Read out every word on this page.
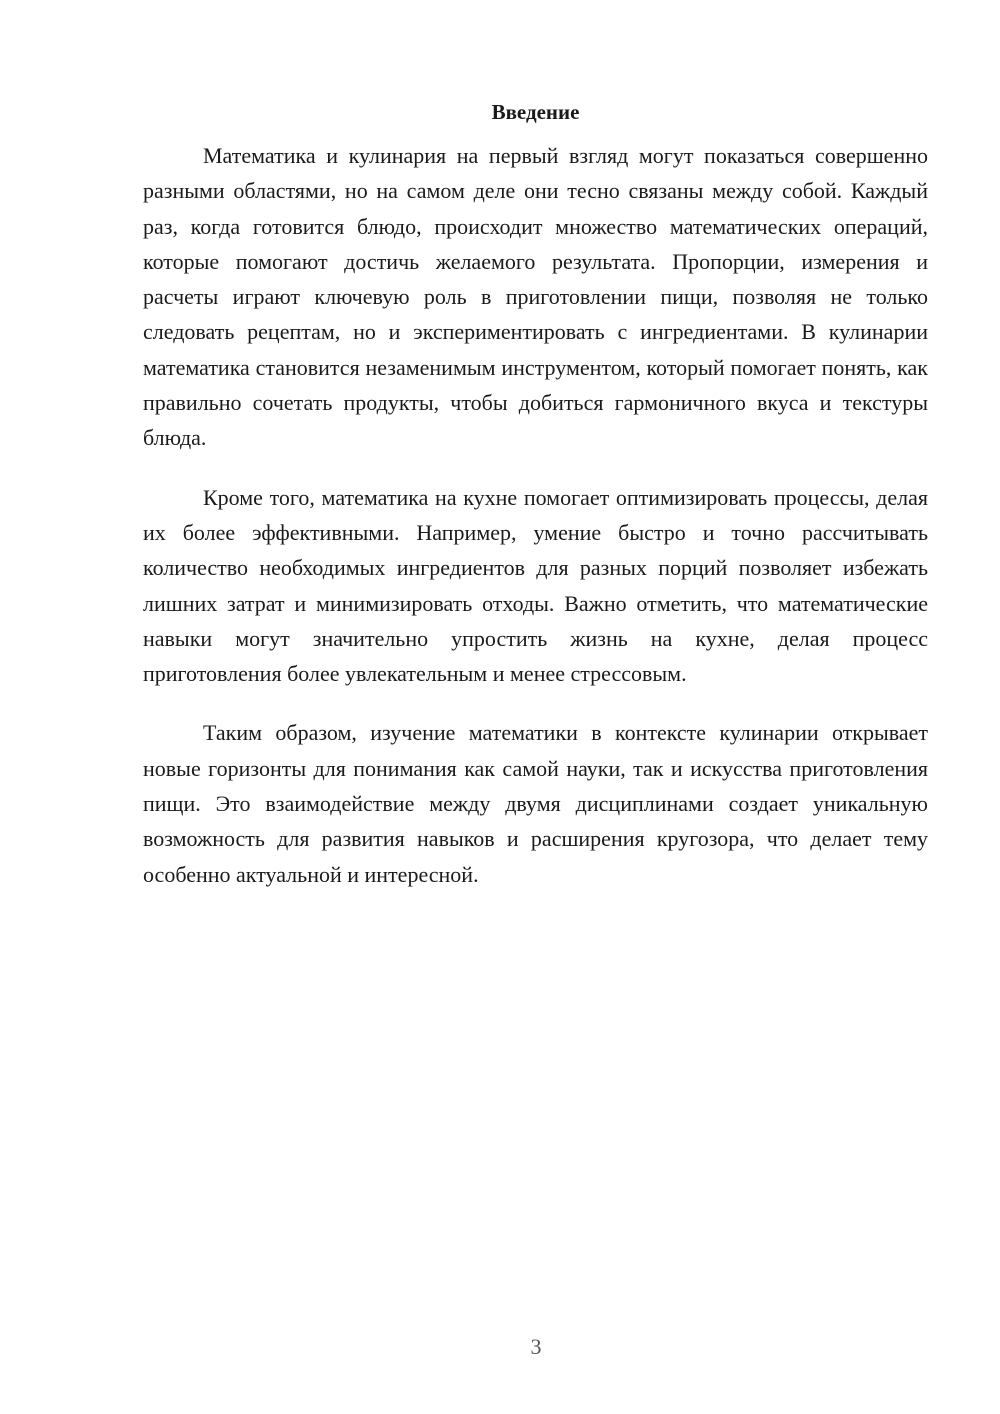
Введение

Математика и кулинария на первый взгляд могут показаться совершенно разными областями, но на самом деле они тесно связаны между собой. Каждый раз, когда готовится блюдо, происходит множество математических операций, которые помогают достичь желаемого результата. Пропорции, измерения и расчеты играют ключевую роль в приготовлении пищи, позволяя не только следовать рецептам, но и экспериментировать с ингредиентами. В кулинарии математика становится незаменимым инструментом, который помогает понять, как правильно сочетать продукты, чтобы добиться гармоничного вкуса и текстуры блюда.

Кроме того, математика на кухне помогает оптимизировать процессы, делая их более эффективными. Например, умение быстро и точно рассчитывать количество необходимых ингредиентов для разных порций позволяет избежать лишних затрат и минимизировать отходы. Важно отметить, что математические навыки могут значительно упростить жизнь на кухне, делая процесс приготовления более увлекательным и менее стрессовым.

Таким образом, изучение математики в контексте кулинарии открывает новые горизонты для понимания как самой науки, так и искусства приготовления пищи. Это взаимодействие между двумя дисциплинами создает уникальную возможность для развития навыков и расширения кругозора, что делает тему особенно актуальной и интересной.

3
